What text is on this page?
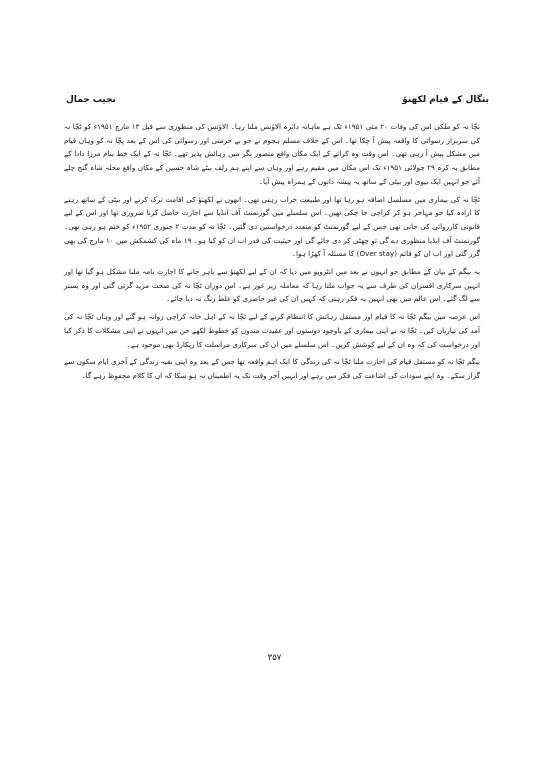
نجیب جمال	بنگال کے قیام لکھنؤ

نچّا نہ کو ملکی اس کی وفات ۲۰ مئی ۱۹۵۱ء تک ہے ماہانہ دائرہ الاؤنس ملتا رہا۔ الاؤنس کی منظوری سے قبل ۱۳ مارچ ۱۹۵۱ء کو ٹچّا نہ کی سربراز رسوائی کا واقعہ پیش آ چکا تھا۔ اس کے خلاف مسلم ہجوم نے جو بے حرمتی اور رسوائی کی اس کے بعد پچّا نہ کو وہاں قیام میں مشکل پیش آ رہی تھی۔ اس وقت وہ کرائے کے ایک مکان واقع منصور نگر میں رہائش پذیر تھے۔ ٹچّا نہ کے ایک خط بنام مرزا دادا کے مطابق یہ کرہ ۲۹ جولائی ۱۹۵۱ء تک اس مکان میں مقیم رہے اور وہاں سے اپنے ہم زلف بیٹے شاہ حسین کے مکان واقع محلہ شاہ گنج چلے آئے جو انہیں ایک بیوی اور بیٹی کے ساتھ یہ پیشہ دانوں کے ہمراہ پیش آیا۔

ٹچّا نہ کی بیماری میں مسلسل اضافہ ہو رہا تھا اور طبیعت خراب رہتی تھی۔ انھوں نے لکھنؤ کی اقامت ترک کرنے اور بیٹی کے ساتھ رہنے کا ارادہ کیا جو مہاجر ہو کر کراچی جا چکی تھیں۔ اس سلسلے میں گورنمنٹ آف انڈیا سے اجازت حاصل کرنا ضروری تھا اور اس کے لیے قانونی کارروائی کی جانی تھی جس کے لیے گورنمنٹ کو متعدد درخواستیں دی گئیں۔ ٹچّا نہ کو مدت ۲ جنوری ۱۹۵۲ء کو ختم ہو رہی تھی۔ گورنمنٹ آف انڈیا منظوری دے گی تو چھٹی کر دی جائے گی اور حیثیت کی قدر اب ان کو کیا ہو۔ ۱۹ ماہ کی کشمکش میں ۱۰ مارچ کی بھی گزر گئی اور اب ان کو قائم (Over stay) کا مسئلہ آ کھڑا ہوا۔

یہ بیگم کے بیان کے مطابق جو انہوں نے بعد میں انٹرویو میں دیا کہ ان کے لیے لکھنؤ سے باہر جانے کا اجازت نامہ ملنا مشکل ہو گیا تھا اور انہیں سرکاری افسران کی طرف سے یہ جواب ملتا رہا کہ معاملہ زیر غور ہے۔ اس دوران ٹچّا نہ کی صحت مزید گرتی گئی اور وہ بستر سے لگ گئے۔ اس عالم میں بھی انہیں یہ فکر رہتی کہ کہیں ان کی غیر حاضری کو غلط رنگ نہ دیا جائے۔

اس عرصہ میں بیگم ٹچّا نہ کا قیام اور مستقل رہائش کا انتظام کرنے کے لیے ٹچّا نہ کے اہل خانہ کراچی روانہ ہو گئے اور وہاں ٹچّا نہ کی آمد کی تیاریاں کیں۔ ٹچّا نہ نے اپنی بیماری کے باوجود دوستوں اور عقیدت مندوں کو خطوط لکھے جن میں انہوں نے اپنی مشکلات کا ذکر کیا اور درخواست کی کہ وہ ان کے لیے کوشش کریں۔ اس سلسلے میں ان کی سرکاری مراسلت کا ریکارڈ بھی موجود ہے۔

بیگم ٹچّا نہ کو مستقل قیام کی اجازت ملنا ٹچّا نہ کی زندگی کا ایک اہم واقعہ تھا جس کے بعد وہ اپنی بقیہ زندگی کے آخری ایام سکون سے گزار سکے۔ وہ اپنے سودات کی اشاعت کی فکر میں رہے اور انہیں آخر وقت تک یہ اطمینان نہ ہو سکا کہ ان کا کلام محفوظ رہے گا۔

۳۵۷
